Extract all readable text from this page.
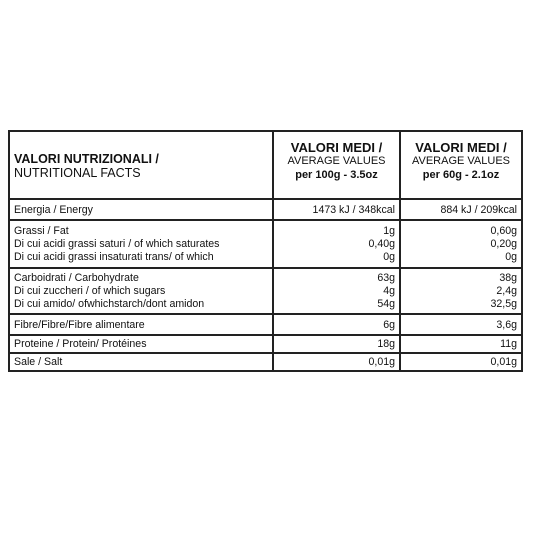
VALORI NUTRIZIONALI /
NUTRITIONAL FACTS
Energia / Energy
Grassi / Fat
Di cui acidi grassi saturi / of which saturates
Di cui acidi grassi insaturati trans/ of which
Carboidrati / Carbohydrate
Di cui zuccheri / of which sugars
Di cui amido/ ofwhichstarch/dont amidon
Fibre/Fibre/Fibre alimentare
Proteine / Protein/ Protéines
Sale / Salt
VALORI MEDI /
AVERAGE VALUES
per 100g - 3.5oz
1473 kJ / 348kcal
1g
0,40g
0g
63g
4g
54g
6g
18g
0,01g
VALORI MEDI /
AVERAGE VALUES
per 60g - 2.1oz
884 kJ / 209kcal
0,60g
0,20g
0g
38g
2,4g
32,5g
3,6g
11g
0,01g
